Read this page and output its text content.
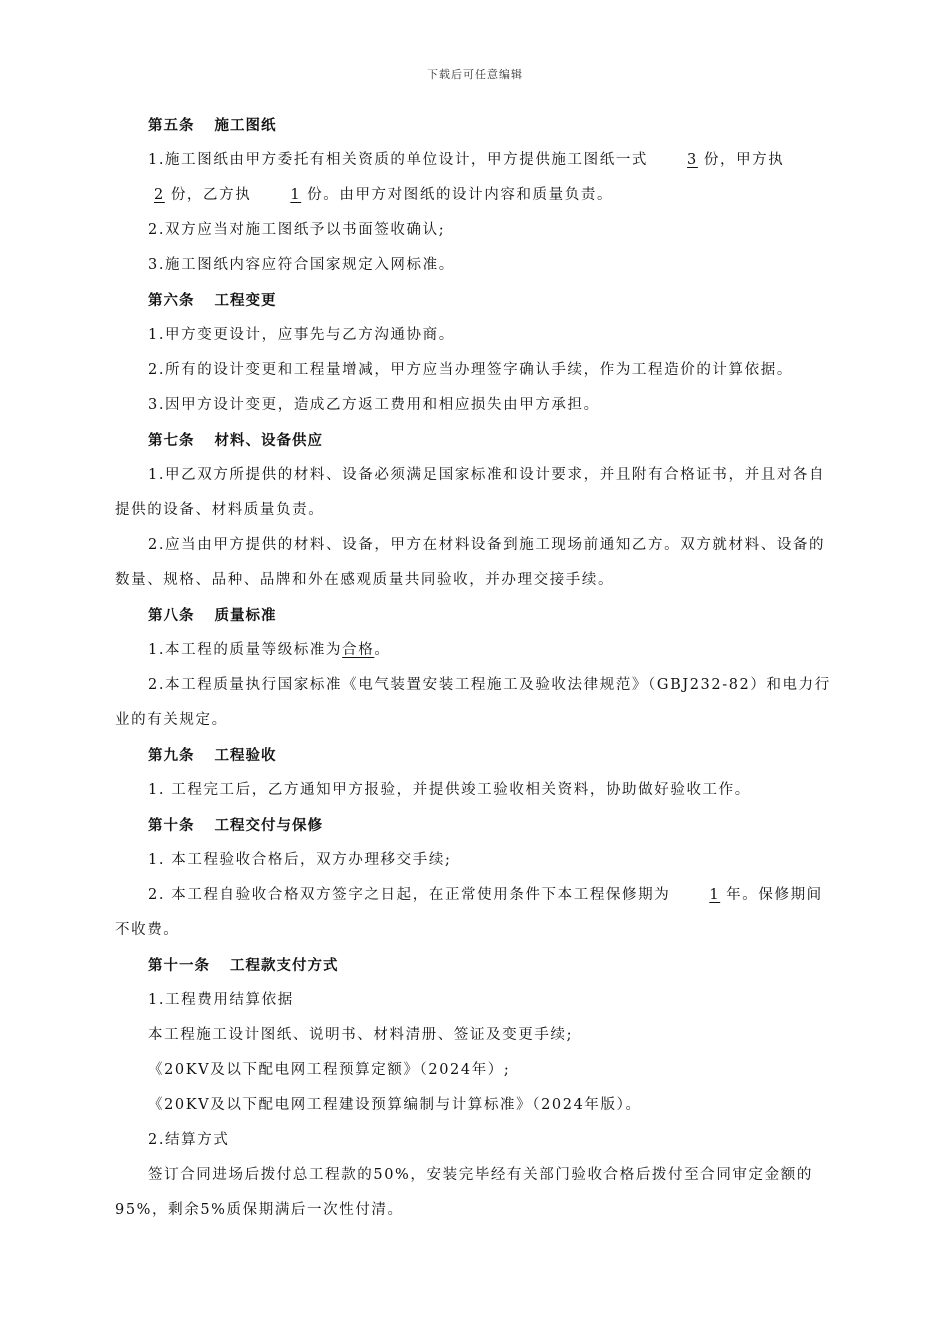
下载后可任意编辑

第五条 施工图纸

1.施工图纸由甲方委托有相关资质的单位设计，甲方提供施工图纸一式	3 份，甲方执2 份，乙方执	1 份。由甲方对图纸的设计内容和质量负责。

2.双方应当对施工图纸予以书面签收确认;

3.施工图纸内容应符合国家规定入网标准。

第六条 工程变更

1.甲方变更设计，应事先与乙方沟通协商。

2.所有的设计变更和工程量增减，甲方应当办理签字确认手续，作为工程造价的计算依据。

3.因甲方设计变更，造成乙方返工费用和相应损失由甲方承担。

第七条 材料、设备供应

1.甲乙双方所提供的材料、设备必须满足国家标准和设计要求，并且附有合格证书，并且对各自提供的设备、材料质量负责。

2.应当由甲方提供的材料、设备，甲方在材料设备到施工现场前通知乙方。双方就材料、设备的数量、规格、品种、品牌和外在感观质量共同验收，并办理交接手续。

第八条 质量标准

1.本工程的质量等级标准为合格。

2.本工程质量执行国家标准《电气装置安装工程施工及验收法律规范》（GBJ232-82）和电力行业的有关规定。

第九条 工程验收

1. 工程完工后，乙方通知甲方报验，并提供竣工验收相关资料，协助做好验收工作。

第十条 工程交付与保修

1. 本工程验收合格后，双方办理移交手续;

2. 本工程自验收合格双方签字之日起，在正常使用条件下本工程保修期为	1 年。保修期间不收费。

第十一条 工程款支付方式

1.工程费用结算依据

本工程施工设计图纸、说明书、材料清册、签证及变更手续;

《20KV及以下配电网工程预算定额》（2024年）;

《20KV及以下配电网工程建设预算编制与计算标准》（2024年版）。

2.结算方式

签订合同进场后拨付总工程款的50%，安装完毕经有关部门验收合格后拨付至合同审定金额的95%，剩余5%质保期满后一次性付清。
